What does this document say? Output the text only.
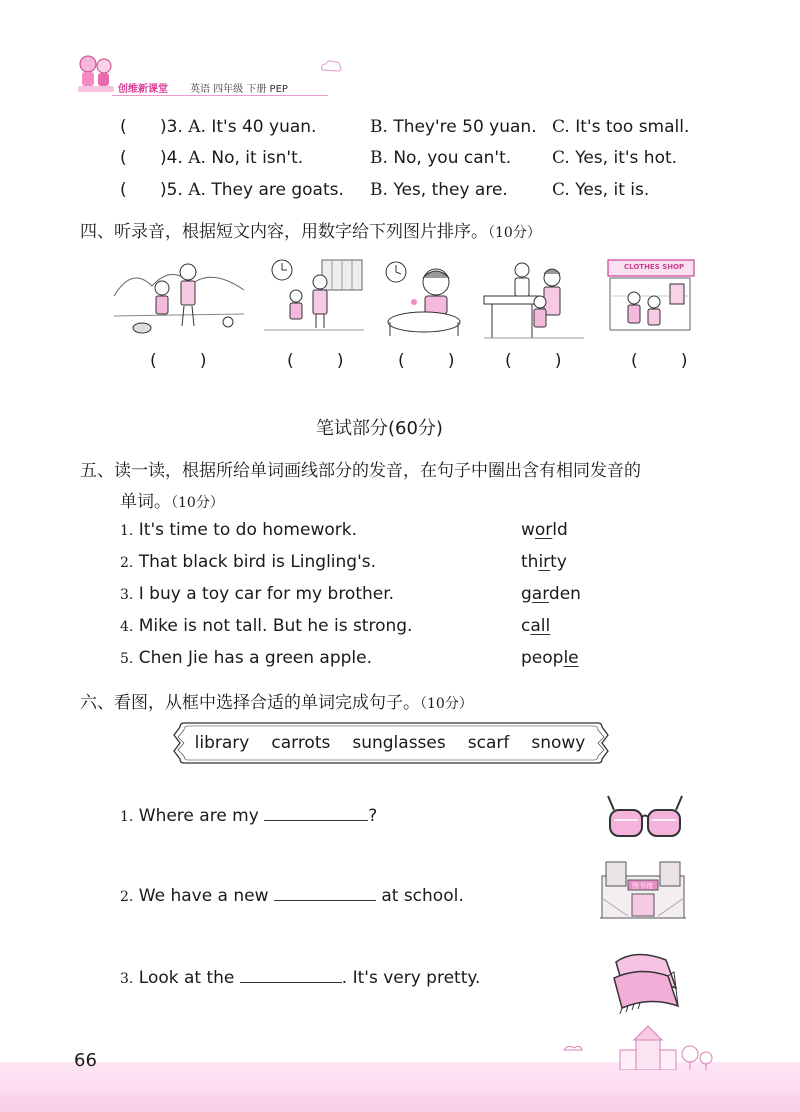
创维新课堂 英语 四年级 下册 PEP
( )3. A. It's 40 yuan.	B. They're 50 yuan. C. It's too small.
( )4. A. No, it isn't.	B. No, you can't. C. Yes, it's hot.
( )5. A. They are goats. B. Yes, they are.	C. Yes, it is.
四、听录音，根据短文内容，用数字给下列图片排序。（10分）
CLOTHES SHOP
(        )	(        )	(        )	(        )	(        )
笔试部分(60分)
五、读一读，根据所给单词画线部分的发音，在句子中圈出含有相同发音的
单词。（10分）
1. It's time to do homework.	world
2. That black bird is Lingling's.	thirty
3. I buy a toy car for my brother.	garden
4. Mike is not tall. But he is strong.	call
5. Chen Jie has a green apple.	people
六、看图，从框中选择合适的单词完成句子。（10分）
library carrots sunglasses scarf snowy
1. Where are my	?
2. We have a new	at school.
3. Look at the	. It's very pretty.
图书馆
66
